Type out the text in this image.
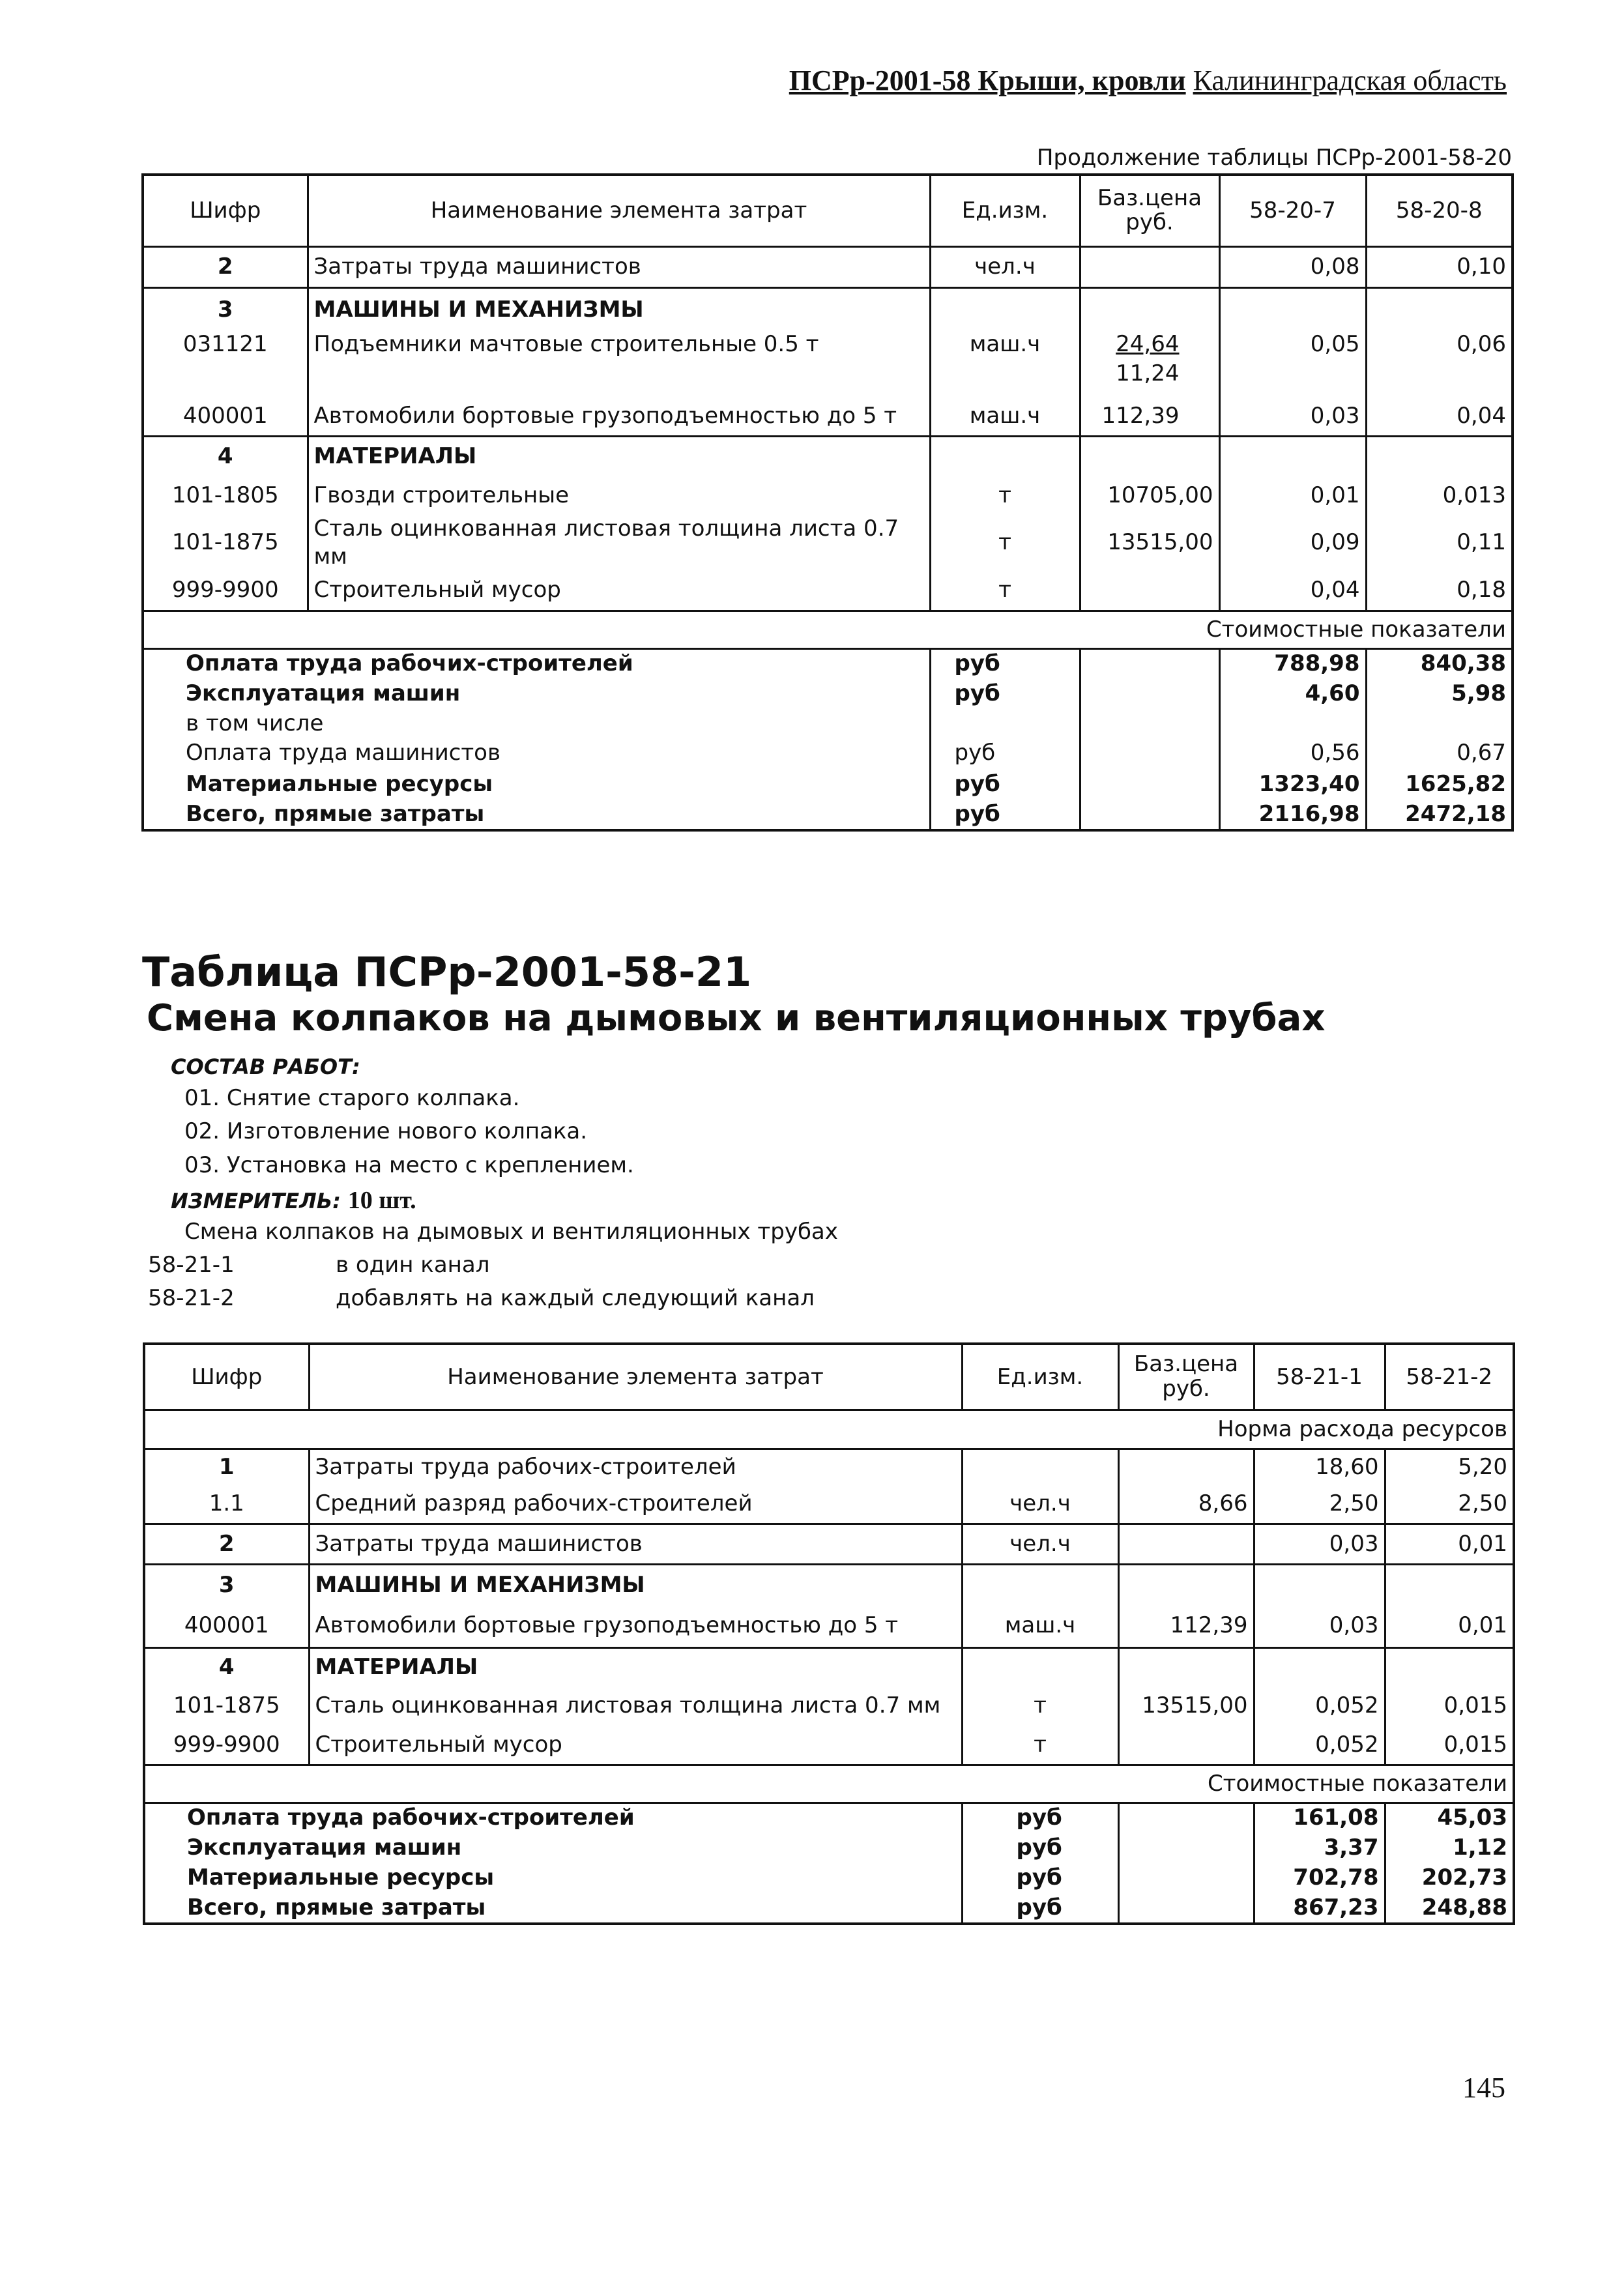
ПСРр-2001-58 Крыши, кровли Калининградская область
Продолжение таблицы ПСРр-2001-58-20
Шифр	Наименование элемента затрат	Ед.изм.	Баз.цена руб.	58-20-7	58-20-8
2	Затраты труда машинистов	чел.ч		0,08	0,10
3	МАШИНЫ И МЕХАНИЗМЫ				
031121	Подъемники мачтовые строительные 0.5 т	маш.ч	24,64	0,05	0,06
			11,24		
400001	Автомобили бортовые грузоподъемностью до 5 т	маш.ч	112,39	0,03	0,04
4	МАТЕРИАЛЫ				
101-1805	Гвозди строительные	т	10705,00	0,01	0,013
101-1875	Сталь оцинкованная листовая толщина листа 0.7 мм	т	13515,00	0,09	0,11
999-9900	Строительный мусор	т		0,04	0,18
Стоимостные показатели					
Оплата труда рабочих-строителей		руб		788,98	840,38
Эксплуатация машин		руб		4,60	5,98
в том числе					
Оплата труда машинистов		руб		0,56	0,67
Материальные ресурсы		руб		1323,40	1625,82
Всего, прямые затраты		руб		2116,98	2472,18
Таблица ПСРр-2001-58-21
Смена колпаков на дымовых и вентиляционных трубах
СОСТАВ РАБОТ:
01. Снятие старого колпака.
02. Изготовление нового колпака.
03. Установка на место с креплением.
ИЗМЕРИТЕЛЬ: 10 шт.
Смена колпаков на дымовых и вентиляционных трубах
58-21-1	в один канал
58-21-2	добавлять на каждый следующий канал
Шифр	Наименование элемента затрат	Ед.изм.	Баз.цена руб.	58-21-1	58-21-2
Норма расхода ресурсов					
1	Затраты труда рабочих-строителей			18,60	5,20
1.1	Средний разряд рабочих-строителей	чел.ч	8,66	2,50	2,50
2	Затраты труда машинистов	чел.ч		0,03	0,01
3	МАШИНЫ И МЕХАНИЗМЫ				
400001	Автомобили бортовые грузоподъемностью до 5 т	маш.ч	112,39	0,03	0,01
4	МАТЕРИАЛЫ				
101-1875	Сталь оцинкованная листовая толщина листа 0.7 мм	т	13515,00	0,052	0,015
999-9900	Строительный мусор	т		0,052	0,015
Стоимостные показатели					
Оплата труда рабочих-строителей		руб		161,08	45,03
Эксплуатация машин		руб		3,37	1,12
Материальные ресурсы		руб		702,78	202,73
Всего, прямые затраты		руб		867,23	248,88
145
